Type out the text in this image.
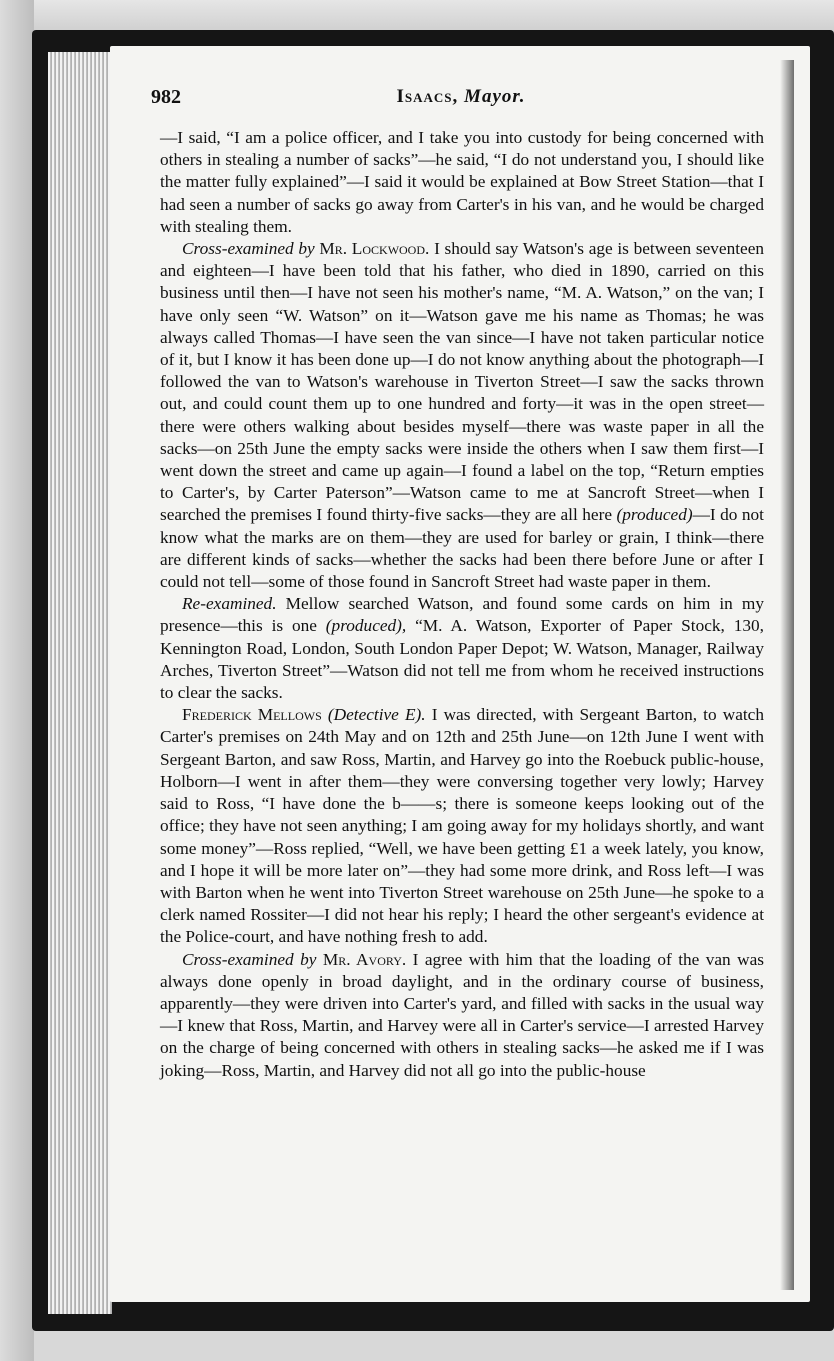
982	Isaacs, Mayor.

—I said, “I am a police officer, and I take you into custody for being concerned with others in stealing a number of sacks”—he said, “I do not understand you, I should like the matter fully explained”—I said it would be explained at Bow Street Station—that I had seen a number of sacks go away from Carter's in his van, and he would be charged with stealing them.

Cross-examined by Mr. Lockwood. I should say Watson's age is between seventeen and eighteen—I have been told that his father, who died in 1890, carried on this business until then—I have not seen his mother's name, “M. A. Watson,” on the van; I have only seen “W. Watson” on it—Watson gave me his name as Thomas; he was always called Thomas—I have seen the van since—I have not taken particular notice of it, but I know it has been done up—I do not know anything about the photograph—I followed the van to Watson's warehouse in Tiverton Street—I saw the sacks thrown out, and could count them up to one hundred and forty—it was in the open street—there were others walking about besides myself—there was waste paper in all the sacks—on 25th June the empty sacks were inside the others when I saw them first—I went down the street and came up again—I found a label on the top, “Return empties to Carter's, by Carter Paterson”—Watson came to me at Sancroft Street—when I searched the premises I found thirty-five sacks—they are all here (produced)—I do not know what the marks are on them—they are used for barley or grain, I think—there are different kinds of sacks—whether the sacks had been there before June or after I could not tell—some of those found in Sancroft Street had waste paper in them.

Re-examined. Mellow searched Watson, and found some cards on him in my presence—this is one (produced), “M. A. Watson, Exporter of Paper Stock, 130, Kennington Road, London, South London Paper Depot; W. Watson, Manager, Railway Arches, Tiverton Street”—Watson did not tell me from whom he received instructions to clear the sacks.

Frederick Mellows (Detective E). I was directed, with Sergeant Barton, to watch Carter's premises on 24th May and on 12th and 25th June—on 12th June I went with Sergeant Barton, and saw Ross, Martin, and Harvey go into the Roebuck public-house, Holborn—I went in after them—they were conversing together very lowly; Harvey said to Ross, “I have done the b——s; there is someone keeps looking out of the office; they have not seen anything; I am going away for my holidays shortly, and want some money”—Ross replied, “Well, we have been getting £1 a week lately, you know, and I hope it will be more later on”—they had some more drink, and Ross left—I was with Barton when he went into Tiverton Street warehouse on 25th June—he spoke to a clerk named Rossiter—I did not hear his reply; I heard the other sergeant's evidence at the Police-court, and have nothing fresh to add.

Cross-examined by Mr. Avory. I agree with him that the loading of the van was always done openly in broad daylight, and in the ordinary course of business, apparently—they were driven into Carter's yard, and filled with sacks in the usual way—I knew that Ross, Martin, and Harvey were all in Carter's service—I arrested Harvey on the charge of being concerned with others in stealing sacks—he asked me if I was joking—Ross, Martin, and Harvey did not all go into the public-house
